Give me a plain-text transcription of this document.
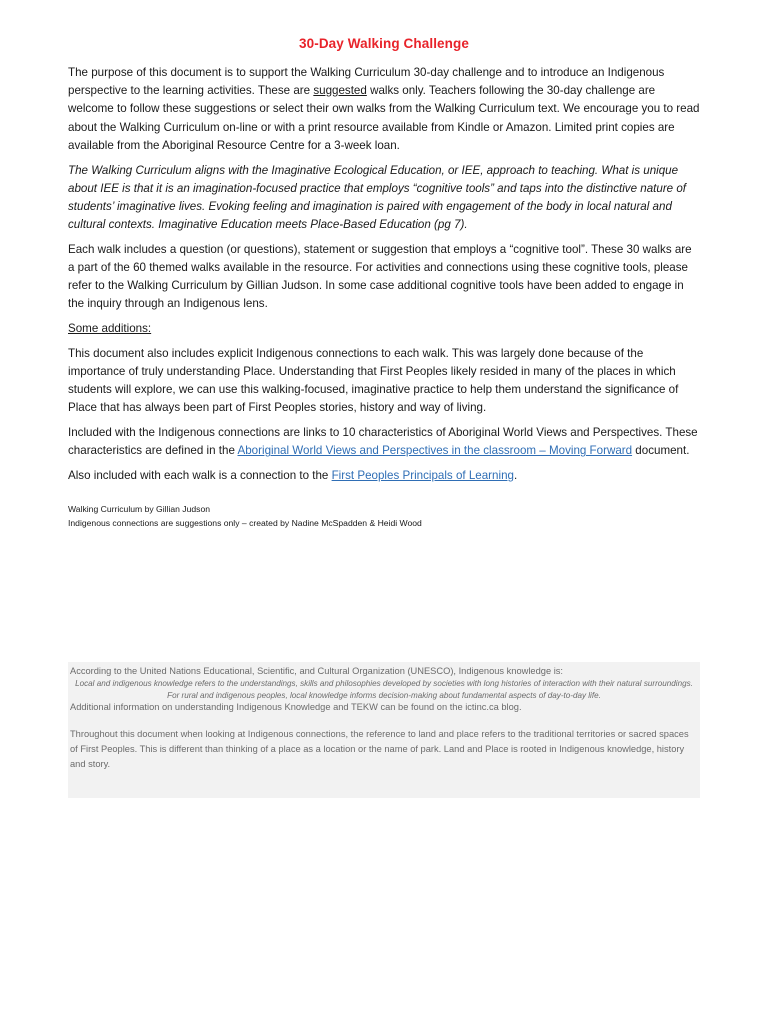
30-Day Walking Challenge

The purpose of this document is to support the Walking Curriculum 30-day challenge and to introduce an Indigenous perspective to the learning activities. These are suggested walks only. Teachers following the 30-day challenge are welcome to follow these suggestions or select their own walks from the Walking Curriculum text. We encourage you to read about the Walking Curriculum on-line or with a print resource available from Kindle or Amazon. Limited print copies are available from the Aboriginal Resource Centre for a 3-week loan.

The Walking Curriculum aligns with the Imaginative Ecological Education, or IEE, approach to teaching. What is unique about IEE is that it is an imagination-focused practice that employs “cognitive tools” and taps into the distinctive nature of students’ imaginative lives. Evoking feeling and imagination is paired with engagement of the body in local natural and cultural contexts. Imaginative Education meets Place-Based Education (pg 7).

Each walk includes a question (or questions), statement or suggestion that employs a “cognitive tool”. These 30 walks are a part of the 60 themed walks available in the resource. For activities and connections using these cognitive tools, please refer to the Walking Curriculum by Gillian Judson. In some case additional cognitive tools have been added to engage in the inquiry through an Indigenous lens.

Some additions:

This document also includes explicit Indigenous connections to each walk. This was largely done because of the importance of truly understanding Place. Understanding that First Peoples likely resided in many of the places in which students will explore, we can use this walking-focused, imaginative practice to help them understand the significance of Place that has always been part of First Peoples stories, history and way of living.

Included with the Indigenous connections are links to 10 characteristics of Aboriginal World Views and Perspectives. These characteristics are defined in the Aboriginal World Views and Perspectives in the classroom – Moving Forward document.

Also included with each walk is a connection to the First Peoples Principals of Learning.

Walking Curriculum by Gillian Judson
Indigenous connections are suggestions only – created by Nadine McSpadden & Heidi Wood

According to the United Nations Educational, Scientific, and Cultural Organization (UNESCO), Indigenous knowledge is:

Local and indigenous knowledge refers to the understandings, skills and philosophies developed by societies with long histories of interaction with their natural surroundings. For rural and indigenous peoples, local knowledge informs decision-making about fundamental aspects of day-to-day life.

Additional information on understanding Indigenous Knowledge and TEKW can be found on the ictinc.ca blog.

Throughout this document when looking at Indigenous connections, the reference to land and place refers to the traditional territories or sacred spaces of First Peoples. This is different than thinking of a place as a location or the name of park. Land and Place is rooted in Indigenous knowledge, history and story.
